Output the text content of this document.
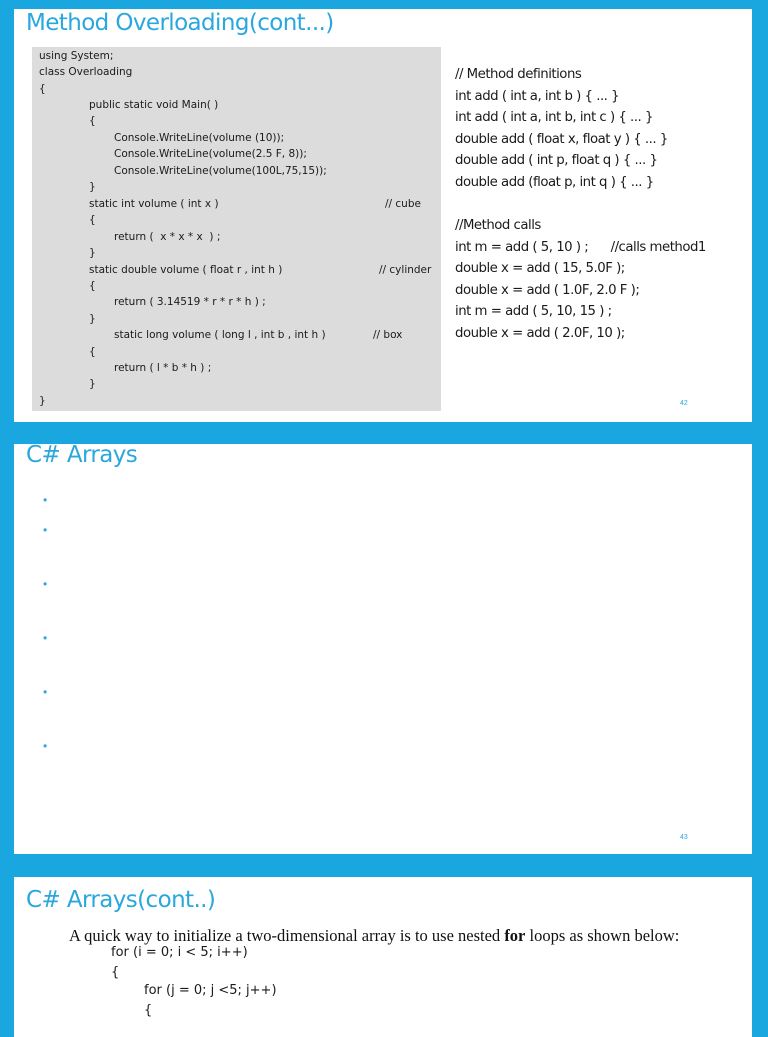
Method Overloading(cont...)
using System;
class Overloading
{
public static void Main( )
{
Console.WriteLine(volume (10));
Console.WriteLine(volume(2.5 F, 8));
Console.WriteLine(volume(100L,75,15));
}
static int volume ( int x )	// cube
{
return (  x * x * x  ) ;
}
static double volume ( float r , int h )	// cylinder
{
return ( 3.14519 * r * r * h ) ;
}
static long volume ( long l , int b , int h )	// box
{
return ( l * b * h ) ;
}
}
// Method definitions
int add ( int a, int b ) { ... }
int add ( int a, int b, int c ) { ... }
double add ( float x, float y ) { ... }
double add ( int p, float q ) { ... }
double add (float p, int q ) { ... }
//Method calls
int m = add ( 5, 10 ) ;      //calls method1
double x = add ( 15, 5.0F );
double x = add ( 1.0F, 2.0 F );
int m = add ( 5, 10, 15 ) ;
double x = add ( 2.0F, 10 );
42
C# Arrays
•
•
•
•
•
•
43
C# Arrays(cont..)
A quick way to initialize a two-dimensional array is to use nested for loops as shown below:
for (i = 0; i < 5; i++)
{
for (j = 0; j <5; j++)
{
